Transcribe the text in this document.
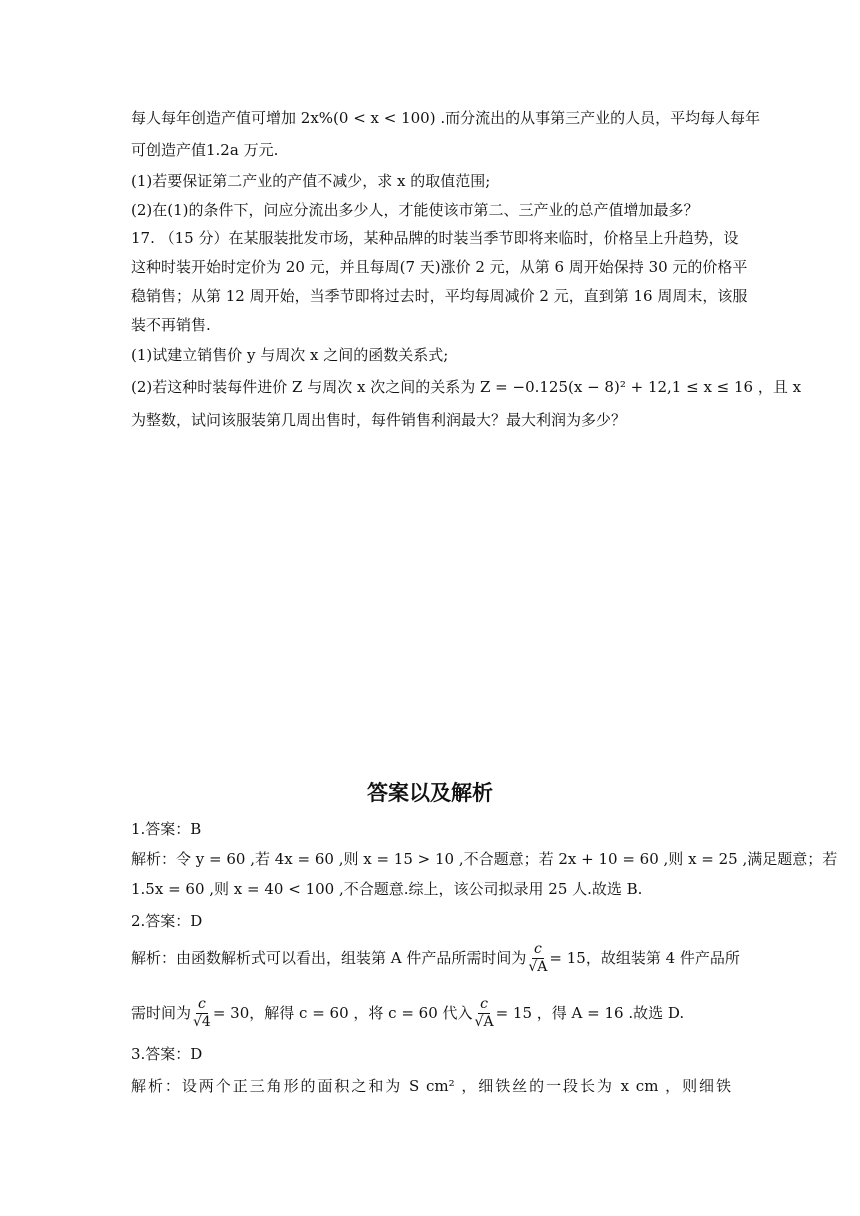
每人每年创造产值可增加 2x%(0 < x < 100) .而分流出的从事第三产业的人员，平均每人每年
可创造产值1.2a 万元.
(1)若要保证第二产业的产值不减少，求 x 的取值范围;
(2)在(1)的条件下，问应分流出多少人，才能使该市第二、三产业的总产值增加最多？
17. （15 分）在某服装批发市场，某种品牌的时装当季节即将来临时，价格呈上升趋势，设
这种时装开始时定价为 20 元，并且每周(7 天)涨价 2 元，从第 6 周开始保持 30 元的价格平
稳销售；从第 12 周开始，当季节即将过去时，平均每周减价 2 元，直到第 16 周周末，该服
装不再销售.
(1)试建立销售价 y 与周次 x 之间的函数关系式;
(2)若这种时装每件进价 Z 与周次 x 次之间的关系为 Z = −0.125(x − 8)² + 12,1 ≤ x ≤ 16 ，且 x
为整数，试问该服装第几周出售时，每件销售利润最大？最大利润为多少？
答案以及解析
1.答案：B
解析：令 y = 60 ,若 4x = 60 ,则 x = 15 > 10 ,不合题意；若 2x + 10 = 60 ,则 x = 25 ,满足题意；若
1.5x = 60 ,则 x = 40 < 100 ,不合题意.综上，该公司拟录用 25 人.故选 B.
2.答案：D
解析：由函数解析式可以看出，组装第 A 件产品所需时间为 $\frac{c}{√A} = 15$，故组装第 4 件产品所
需时间为 $\frac{c}{√4} = 30$，解得 c = 60 ，将 c = 60 代入 $\frac{c}{√A} = 15$ ，得 A = 16 .故选 D.
3.答案：D
解析：设两个正三角形的面积之和为 S cm² ，细铁丝的一段长为 x cm ，则细铁
